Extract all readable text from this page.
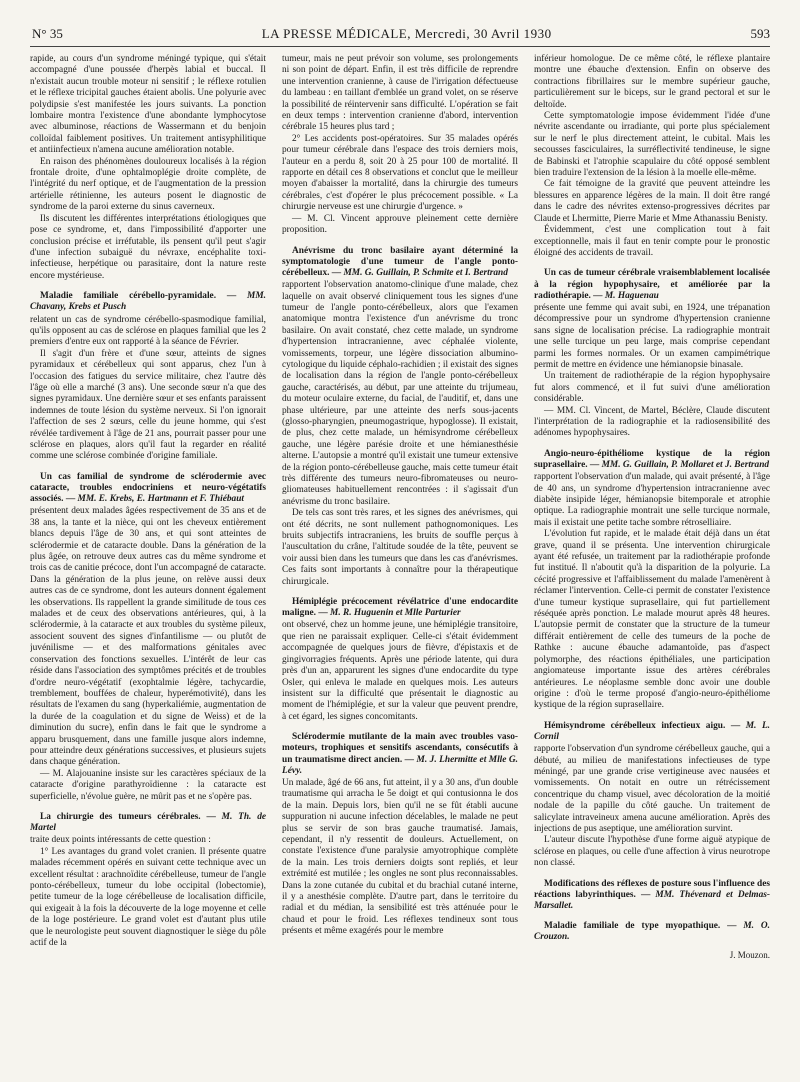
N° 35	LA PRESSE MÉDICALE, Mercredi, 30 Avril 1930	593

rapide, au cours d'un syndrome méningé typique, qui s'était accompagné d'une poussée d'herpès labial et buccal. Il n'existait aucun trouble moteur ni sensitif ; le réflexe rotulien et le réflexe tricipital gauches étaient abolis. Une polyurie avec polydipsie s'est manifestée les jours suivants. La ponction lombaire montra l'existence d'une abondante lymphocytose avec albuminose, réactions de Wassermann et du benjoin colloïdal faiblement positives. Un traitement antisyphilitique et antiinfectieux n'amena aucune amélioration notable.

En raison des phénomènes douloureux localisés à la région frontale droite, d'une ophtalmoplégie droite complète, de l'intégrité du nerf optique, et de l'augmentation de la pression artérielle rétinienne, les auteurs posent le diagnostic de syndrome de la paroi externe du sinus caverneux.

Ils discutent les différentes interprétations étiologiques que pose ce syndrome, et, dans l'impossibilité d'apporter une conclusion précise et irréfutable, ils pensent qu'il peut s'agir d'une infection subaiguë du névraxe, encéphalite toxi-infectieuse, herpétique ou parasitaire, dont la nature reste encore mystérieuse.

Maladie familiale cérébello-pyramidale. — MM. Chavany, Krebs et Pusch

relatent un cas de syndrome cérébello-spasmodique familial, qu'ils opposent au cas de sclérose en plaques familial que les 2 premiers d'entre eux ont rapporté à la séance de Février.

Il s'agit d'un frère et d'une sœur, atteints de signes pyramidaux et cérébelleux qui sont apparus, chez l'un à l'occasion des fatigues du service militaire, chez l'autre dès l'âge où elle a marché (3 ans). Une seconde sœur n'a que des signes pyramidaux. Une dernière sœur et ses enfants paraissent indemnes de toute lésion du système nerveux. Si l'on ignorait l'affection de ses 2 sœurs, celle du jeune homme, qui s'est révélée tardivement à l'âge de 21 ans, pourrait passer pour une sclérose en plaques, alors qu'il faut la regarder en réalité comme une sclérose combinée d'origine familiale.

Un cas familial de syndrome de sclérodermie avec cataracte, troubles endocriniens et neuro-végétatifs associés. — MM. E. Krebs, E. Hartmann et F. Thiébaut

présentent deux malades âgées respectivement de 35 ans et de 38 ans, la tante et la nièce, qui ont les cheveux entièrement blancs depuis l'âge de 30 ans, et qui sont atteintes de sclérodermie et de cataracte double. Dans la génération de la plus âgée, on retrouve deux autres cas du même syndrome et trois cas de canitie précoce, dont l'un accompagné de cataracte. Dans la génération de la plus jeune, on relève aussi deux autres cas de ce syndrome, dont les auteurs donnent également les observations. Ils rappellent la grande similitude de tous ces malades et de ceux des observations antérieures, qui, à la sclérodermie, à la cataracte et aux troubles du système pileux, associent souvent des signes d'infantilisme — ou plutôt de juvénilisme — et des malformations génitales avec conservation des fonctions sexuelles. L'intérêt de leur cas réside dans l'association des symptômes précités et de troubles d'ordre neuro-végétatif (exophtalmie légère, tachycardie, tremblement, bouffées de chaleur, hyperémotivité), dans les résultats de l'examen du sang (hyperkaliémie, augmentation de la durée de la coagulation et du signe de Weiss) et de la diminution du sucre), enfin dans le fait que le syndrome a apparu brusquement, dans une famille jusque alors indemne, pour atteindre deux générations successives, et plusieurs sujets dans chaque génération.

— M. Alajouanine insiste sur les caractères spéciaux de la cataracte d'origine parathyroïdienne : la cataracte est superficielle, n'évolue guère, ne mûrit pas et ne s'opère pas.

La chirurgie des tumeurs cérébrales. — M. Th. de Martel

traite deux points intéressants de cette question :

1° Les avantages du grand volet cranien. Il présente quatre malades récemment opérés en suivant cette technique avec un excellent résultat : arachnoïdite cérébelleuse, tumeur de l'angle ponto-cérébelleux, tumeur du lobe occipital (lobectomie), petite tumeur de la loge cérébelleuse de localisation difficile, qui exigeait à la fois la découverte de la loge moyenne et celle de la loge postérieure. Le grand volet est d'autant plus utile que le neurologiste peut souvent diagnostiquer le siège du pôle actif de la

tumeur, mais ne peut prévoir son volume, ses prolongements ni son point de départ. Enfin, il est très difficile de reprendre une intervention cranienne, à cause de l'irrigation défectueuse du lambeau : en taillant d'emblée un grand volet, on se réserve la possibilité de réintervenir sans difficulté. L'opération se fait en deux temps : intervention cranienne d'abord, intervention cérébrale 15 heures plus tard ;

2° Les accidents post-opératoires. Sur 35 malades opérés pour tumeur cérébrale dans l'espace des trois derniers mois, l'auteur en a perdu 8, soit 20 à 25 pour 100 de mortalité. Il rapporte en détail ces 8 observations et conclut que le meilleur moyen d'abaisser la mortalité, dans la chirurgie des tumeurs cérébrales, c'est d'opérer le plus précocement possible. « La chirurgie nerveuse est une chirurgie d'urgence. »

— M. Cl. Vincent approuve pleinement cette dernière proposition.

Anévrisme du tronc basilaire ayant déterminé la symptomatologie d'une tumeur de l'angle ponto-cérébelleux. — MM. G. Guillain, P. Schmite et I. Bertrand

rapportent l'observation anatomo-clinique d'une malade, chez laquelle on avait observé cliniquement tous les signes d'une tumeur de l'angle ponto-cérébelleux, alors que l'examen anatomique montra l'existence d'un anévrisme du tronc basilaire. On avait constaté, chez cette malade, un syndrome d'hypertension intracranienne, avec céphalée violente, vomissements, torpeur, une légère dissociation albumino-cytologique du liquide céphalo-rachidien ; il existait des signes de localisation dans la région de l'angle ponto-cérébelleux gauche, caractérisés, au début, par une atteinte du trijumeau, du moteur oculaire externe, du facial, de l'auditif, et, dans une phase ultérieure, par une atteinte des nerfs sous-jacents (glosso-pharyngien, pneumogastrique, hypoglosse). Il existait, de plus, chez cette malade, un hémisyndrome cérébelleux gauche, une légère parésie droite et une hémianesthésie alterne. L'autopsie a montré qu'il existait une tumeur extensive de la région ponto-cérébelleuse gauche, mais cette tumeur était très différente des tumeurs neuro-fibromateuses ou neuro-gliomateuses habituellement rencontrées : il s'agissait d'un anévrisme du tronc basilaire.

De tels cas sont très rares, et les signes des anévrismes, qui ont été décrits, ne sont nullement pathognomoniques. Les bruits subjectifs intracraniens, les bruits de souffle perçus à l'auscultation du crâne, l'altitude soudée de la tête, peuvent se voir aussi bien dans les tumeurs que dans les cas d'anévrismes. Ces faits sont importants à connaître pour la thérapeutique chirurgicale.

Hémiplégie précocement révélatrice d'une endocardite maligne. — M. R. Huguenin et Mlle Parturier

ont observé, chez un homme jeune, une hémiplégie transitoire, que rien ne paraissait expliquer. Celle-ci s'était évidemment accompagnée de quelques jours de fièvre, d'épistaxis et de gingivorragies fréquents. Après une période latente, qui dura près d'un an, apparurent les signes d'une endocardite du type Osler, qui enleva le malade en quelques mois. Les auteurs insistent sur la difficulté que présentait le diagnostic au moment de l'hémiplégie, et sur la valeur que peuvent prendre, à cet égard, les signes concomitants.

Sclérodermie mutilante de la main avec troubles vaso-moteurs, trophiques et sensitifs ascendants, consécutifs à un traumatisme direct ancien. — M. J. Lhermitte et Mlle G. Lévy.

Un malade, âgé de 66 ans, fut atteint, il y a 30 ans, d'un double traumatisme qui arracha le 5e doigt et qui contusionna le dos de la main. Depuis lors, bien qu'il ne se fût établi aucune suppuration ni aucune infection décelables, le malade ne peut plus se servir de son bras gauche traumatisé. Jamais, cependant, il n'y ressentit de douleurs. Actuellement, on constate l'existence d'une paralysie amyotrophique complète de la main. Les trois derniers doigts sont repliés, et leur extrémité est mutilée ; les ongles ne sont plus reconnaissables. Dans la zone cutanée du cubital et du brachial cutané interne, il y a anesthésie complète. D'autre part, dans le territoire du radial et du médian, la sensibilité est très atténuée pour le chaud et pour le froid. Les réflexes tendineux sont tous présents et même exagérés pour le membre

inférieur homologue. De ce même côté, le réflexe plantaire montre une ébauche d'extension. Enfin on observe des contractions fibrillaires sur le membre supérieur gauche, particulièrement sur le biceps, sur le grand pectoral et sur le deltoïde.

Cette symptomatologie impose évidemment l'idée d'une névrite ascendante ou irradiante, qui porte plus spécialement sur le nerf le plus directement atteint, le cubital. Mais les secousses fasciculaires, la surréflectivité tendineuse, le signe de Babinski et l'atrophie scapulaire du côté opposé semblent bien traduire l'extension de la lésion à la moelle elle-même.

Ce fait témoigne de la gravité que peuvent atteindre les blessures en apparence légères de la main. Il doit être rangé dans le cadre des névrites extenso-progressives décrites par Claude et Lhermitte, Pierre Marie et Mme Athanassiu Benisty.

Évidemment, c'est une complication tout à fait exceptionnelle, mais il faut en tenir compte pour le pronostic éloigné des accidents de travail.

Un cas de tumeur cérébrale vraisemblablement localisée à la région hypophysaire, et améliorée par la radiothérapie. — M. Haguenau

présente une femme qui avait subi, en 1924, une trépanation décompressive pour un syndrome d'hypertension cranienne sans signe de localisation précise. La radiographie montrait une selle turcique un peu large, mais comprise cependant parmi les formes normales. Or un examen campimétrique permit de mettre en évidence une hémianopsie binasale.

Un traitement de radiothérapie de la région hypophysaire fut alors commencé, et il fut suivi d'une amélioration considérable.

— MM. Cl. Vincent, de Martel, Béclère, Claude discutent l'interprétation de la radiographie et la radiosensibilité des adénomes hypophysaires.

Angio-neuro-épithéliome kystique de la région suprasellaire. — MM. G. Guillain, P. Mollaret et J. Bertrand

rapportent l'observation d'un malade, qui avait présenté, à l'âge de 40 ans, un syndrome d'hypertension intracranienne avec diabète insipide léger, hémianopsie bitemporale et atrophie optique. La radiographie montrait une selle turcique normale, mais il existait une petite tache sombre rétroselliaire.

L'évolution fut rapide, et le malade était déjà dans un état grave, quand il se présenta. Une intervention chirurgicale ayant été refusée, un traitement par la radiothérapie profonde fut institué. Il n'aboutit qu'à la disparition de la polyurie. La cécité progressive et l'affaiblissement du malade l'amenèrent à réclamer l'intervention. Celle-ci permit de constater l'existence d'une tumeur kystique suprasellaire, qui fut partiellement réséquée après ponction. Le malade mourut après 48 heures. L'autopsie permit de constater que la structure de la tumeur différait entièrement de celle des tumeurs de la poche de Rathke : aucune ébauche adamantoïde, pas d'aspect polymorphe, des réactions épithéliales, une participation angiomateuse importante issue des artères cérébrales antérieures. Le néoplasme semble donc avoir une double origine : d'où le terme proposé d'angio-neuro-épithéliome kystique de la région suprasellaire.

Hémisyndrome cérébelleux infectieux aigu. — M. L. Cornil

rapporte l'observation d'un syndrome cérébelleux gauche, qui a débuté, au milieu de manifestations infectieuses de type méningé, par une grande crise vertigineuse avec nausées et vomissements. On notait en outre un rétrécissement concentrique du champ visuel, avec décoloration de la moitié nodale de la papille du côté gauche. Un traitement de salicylate intraveineux amena aucune amélioration. Après des injections de pus aseptique, une amélioration survint.

L'auteur discute l'hypothèse d'une forme aiguë atypique de sclérose en plaques, ou celle d'une affection à virus neurotrope non classé.

Modifications des réflexes de posture sous l'influence des réactions labyrinthiques. — MM. Thévenard et Delmas-Marsallet.
Maladie familiale de type myopathique. — M. O. Crouzon.
J. Mouzon.
